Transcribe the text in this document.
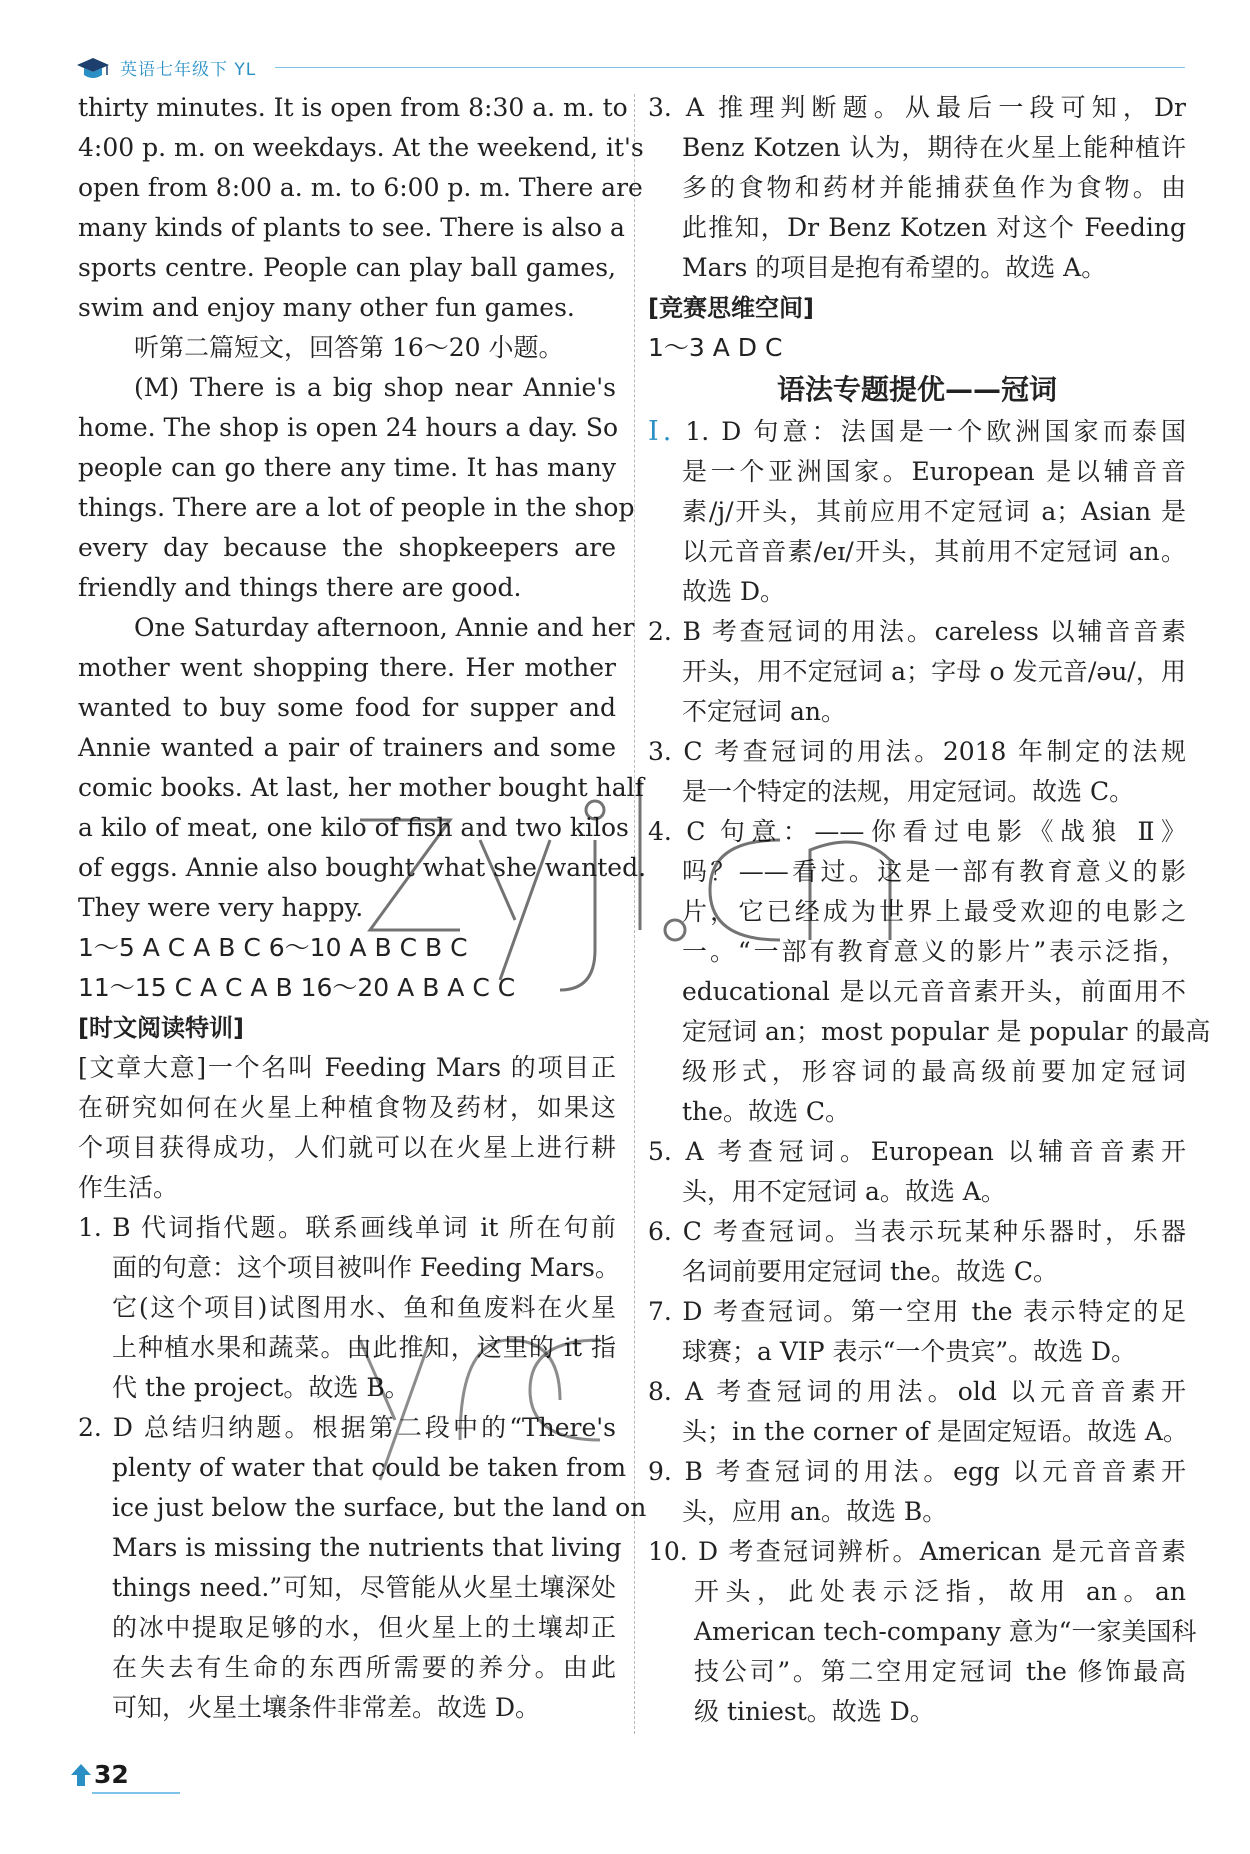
英语七年级下 YL
thirty minutes. It is open from 8:30 a. m. to
4:00 p. m. on weekdays. At the weekend, it's
open from 8:00 a. m. to 6:00 p. m. There are
many kinds of plants to see. There is also a
sports centre. People can play ball games,
swim and enjoy many other fun games.
听第二篇短文，回答第 16～20 小题。
(M) There is a big shop near Annie's
home. The shop is open 24 hours a day. So
people can go there any time. It has many
things. There are a lot of people in the shop
every day because the shopkeepers are
friendly and things there are good.
One Saturday afternoon, Annie and her
mother went shopping there. Her mother
wanted to buy some food for supper and
Annie wanted a pair of trainers and some
comic books. At last, her mother bought half
a kilo of meat, one kilo of fish and two kilos
of eggs. Annie also bought what she wanted.
They were very happy.
1～5 A C A B C 6～10 A B C B C
11～15 C A C A B 16～20 A B A C C
[时文阅读特训]
[文章大意]一个名叫 Feeding Mars 的项目正
在研究如何在火星上种植食物及药材，如果这
个项目获得成功，人们就可以在火星上进行耕
作生活。
1. B 代词指代题。联系画线单词 it 所在句前
面的句意：这个项目被叫作 Feeding Mars。
它(这个项目)试图用水、鱼和鱼废料在火星
上种植水果和蔬菜。由此推知，这里的 it 指
代 the project。故选 B。
2. D 总结归纳题。根据第二段中的“There's
plenty of water that could be taken from
ice just below the surface, but the land on
Mars is missing the nutrients that living
things need.”可知，尽管能从火星土壤深处
的冰中提取足够的水，但火星上的土壤却正
在失去有生命的东西所需要的养分。由此
可知，火星土壤条件非常差。故选 D。
3. A 推理判断题。从最后一段可知，Dr
Benz Kotzen 认为，期待在火星上能种植许
多的食物和药材并能捕获鱼作为食物。由
此推知，Dr Benz Kotzen 对这个 Feeding
Mars 的项目是抱有希望的。故选 A。
[竞赛思维空间]
1～3 A D C
语法专题提优——冠词
Ⅰ. 1. D 句意：法国是一个欧洲国家而泰国
是一个亚洲国家。European 是以辅音音
素/j/开头，其前应用不定冠词 a；Asian 是
以元音音素/eɪ/开头，其前用不定冠词 an。
故选 D。
2. B 考查冠词的用法。careless 以辅音音素
开头，用不定冠词 a；字母 o 发元音/əu/，用
不定冠词 an。
3. C 考查冠词的用法。2018 年制定的法规
是一个特定的法规，用定冠词。故选 C。
4. C 句意：——你看过电影《战狼 Ⅱ》
吗？——看过。这是一部有教育意义的影
片，它已经成为世界上最受欢迎的电影之
一。“一部有教育意义的影片”表示泛指，
educational 是以元音音素开头，前面用不
定冠词 an；most popular 是 popular 的最高
级形式，形容词的最高级前要加定冠词
the。故选 C。
5. A 考查冠词。European 以辅音音素开
头，用不定冠词 a。故选 A。
6. C 考查冠词。当表示玩某种乐器时，乐器
名词前要用定冠词 the。故选 C。
7. D 考查冠词。第一空用 the 表示特定的足
球赛；a VIP 表示“一个贵宾”。故选 D。
8. A 考查冠词的用法。old 以元音音素开
头；in the corner of 是固定短语。故选 A。
9. B 考查冠词的用法。egg 以元音音素开
头，应用 an。故选 B。
10. D 考查冠词辨析。American 是元音音素
开头，此处表示泛指，故用 an。an
American tech-company 意为“一家美国科
技公司”。第二空用定冠词 the 修饰最高
级 tiniest。故选 D。
32
